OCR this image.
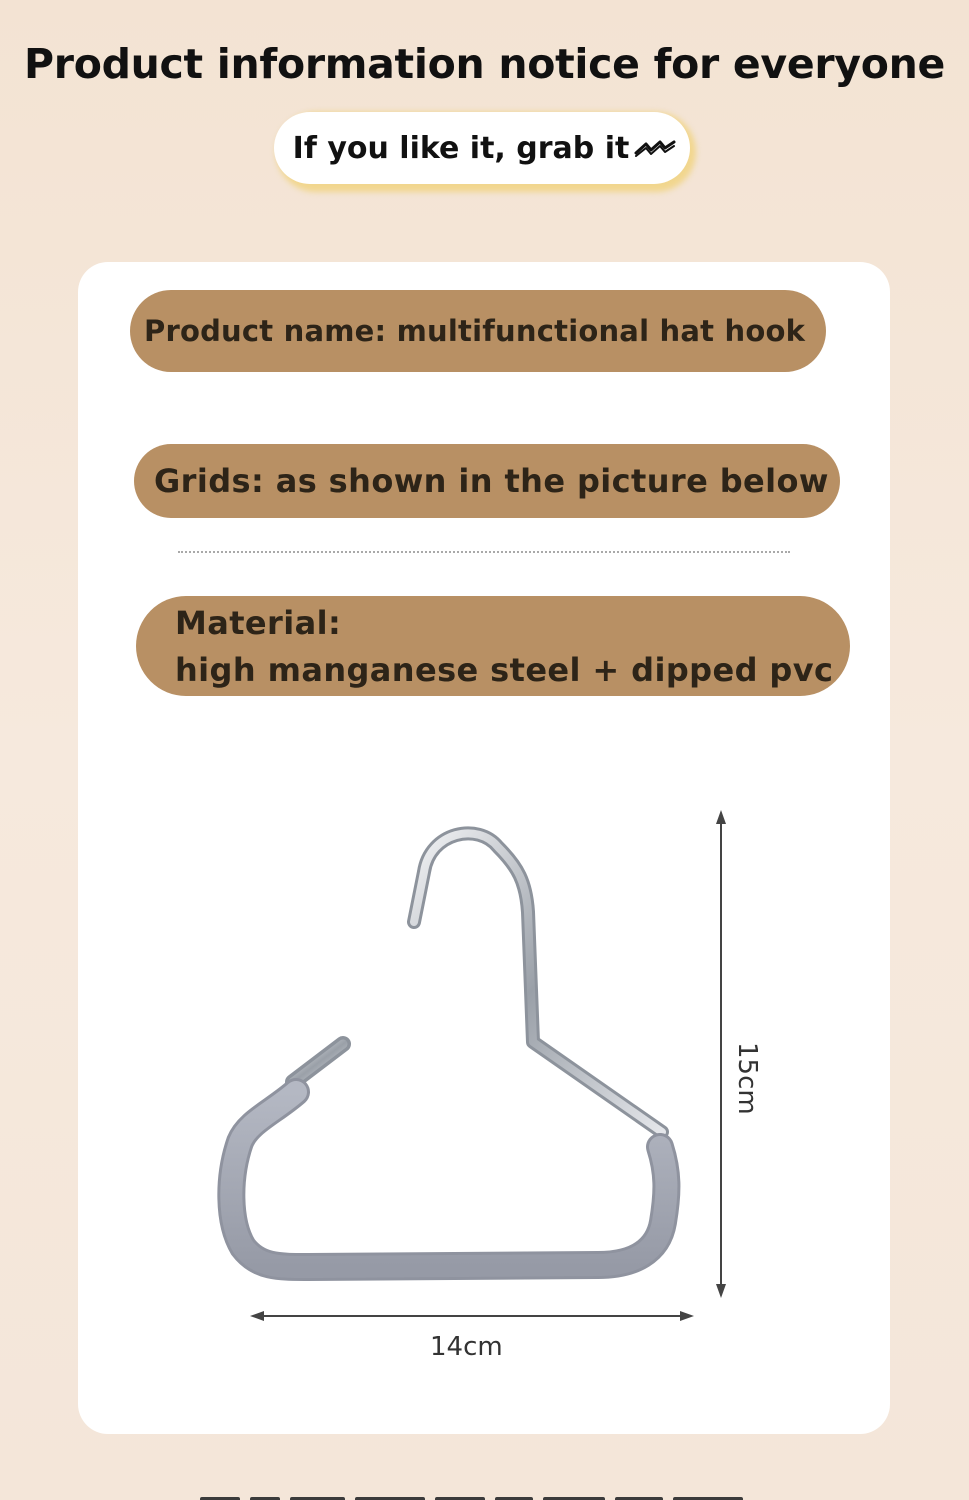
Product information notice for everyone
If you like it, grab it
Product name: multifunctional hat hook
Grids: as shown in the picture below
Material:
high manganese steel + dipped pvc
14cm
15cm
